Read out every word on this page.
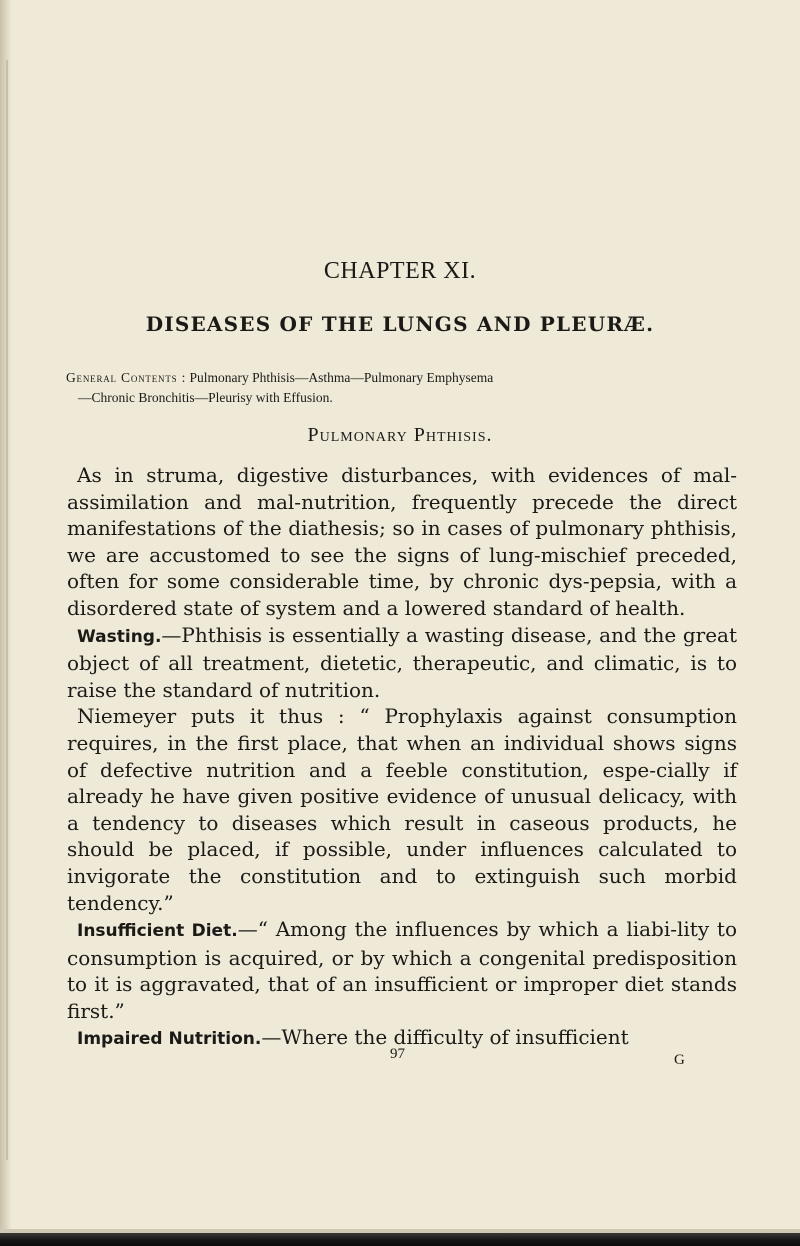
CHAPTER XI.
DISEASES OF THE LUNGS AND PLEURÆ.
General Contents : Pulmonary Phthisis—Asthma—Pulmonary Emphysema
—Chronic Bronchitis—Pleurisy with Effusion.
Pulmonary Phthisis.

As in struma, digestive disturbances, with evidences of mal-assimilation and mal-nutrition, frequently precede the direct manifestations of the diathesis; so in cases of pulmonary phthisis, we are accustomed to see the signs of lung-mischief preceded, often for some considerable time, by chronic dys-pepsia, with a disordered state of system and a lowered standard of health.

Wasting.—Phthisis is essentially a wasting disease, and the great object of all treatment, dietetic, therapeutic, and climatic, is to raise the standard of nutrition.

Niemeyer puts it thus : “ Prophylaxis against consumption requires, in the first place, that when an individual shows signs of defective nutrition and a feeble constitution, espe-cially if already he have given positive evidence of unusual delicacy, with a tendency to diseases which result in caseous products, he should be placed, if possible, under influences calculated to invigorate the constitution and to extinguish such morbid tendency.”

Insufficient Diet.—“ Among the influences by which a liabi-lity to consumption is acquired, or by which a congenital predisposition to it is aggravated, that of an insufficient or improper diet stands first.”

Impaired Nutrition.—Where the difficulty of insufficient

97	G
